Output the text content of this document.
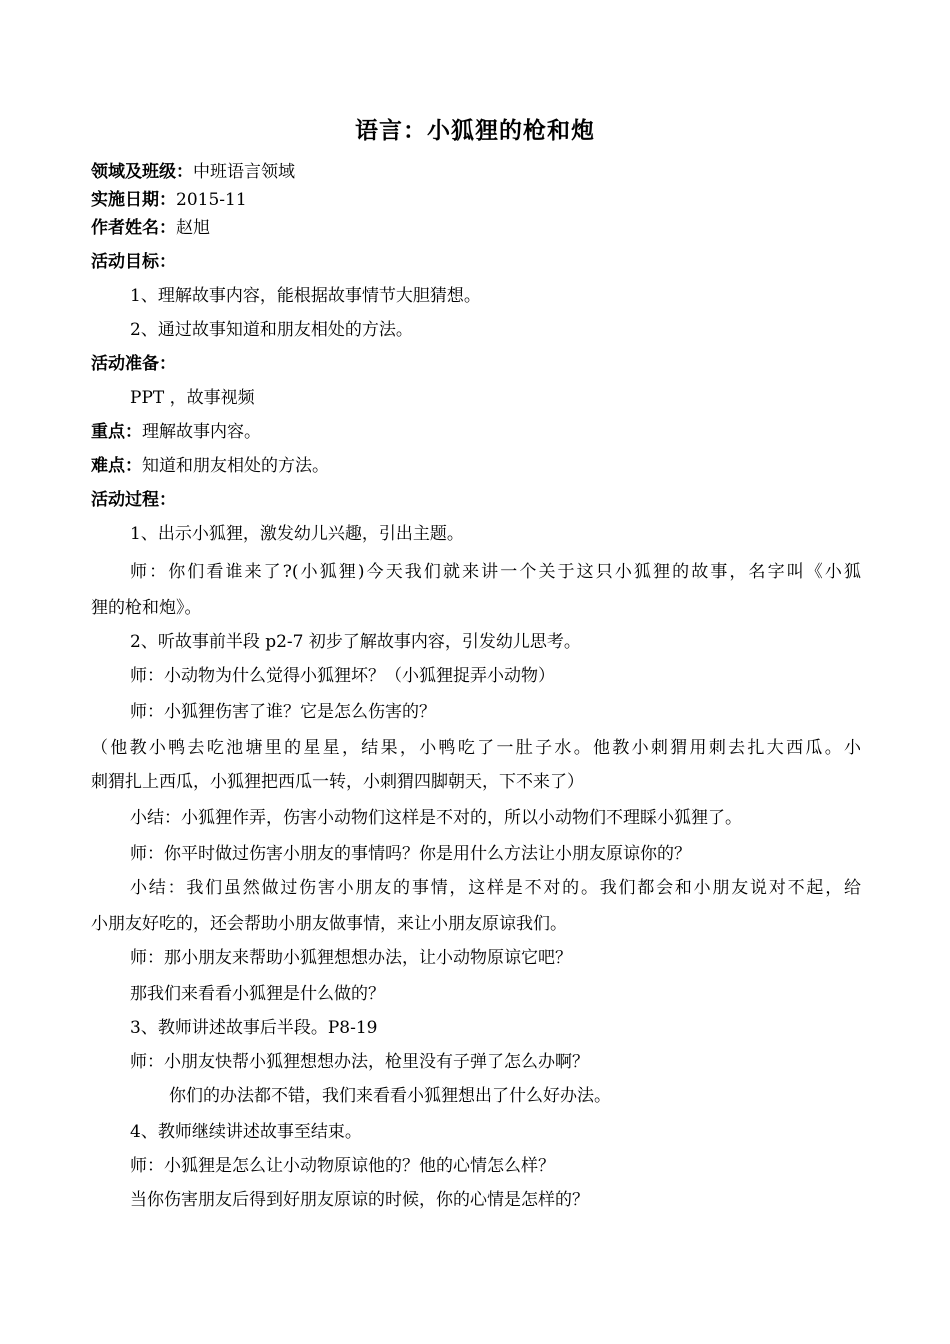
语言：小狐狸的枪和炮
领域及班级：中班语言领域
实施日期：2015-11
作者姓名：赵旭
活动目标：
1、理解故事内容，能根据故事情节大胆猜想。
2、通过故事知道和朋友相处的方法。
活动准备：
PPT ，故事视频
重点：理解故事内容。
难点：知道和朋友相处的方法。
活动过程：
1、出示小狐狸，激发幼儿兴趣，引出主题。
师：你们看谁来了?(小狐狸)今天我们就来讲一个关于这只小狐狸的故事，名字叫《小狐
狸的枪和炮》。
2、听故事前半段 p2-7 初步了解故事内容，引发幼儿思考。
师：小动物为什么觉得小狐狸坏？（小狐狸捉弄小动物）
师：小狐狸伤害了谁？它是怎么伤害的？
（他教小鸭去吃池塘里的星星，结果，小鸭吃了一肚子水。他教小刺猬用刺去扎大西瓜。小
刺猬扎上西瓜，小狐狸把西瓜一转，小刺猬四脚朝天，下不来了）
小结：小狐狸作弄，伤害小动物们这样是不对的，所以小动物们不理睬小狐狸了。
师：你平时做过伤害小朋友的事情吗？你是用什么方法让小朋友原谅你的？
小结：我们虽然做过伤害小朋友的事情，这样是不对的。我们都会和小朋友说对不起，给
小朋友好吃的，还会帮助小朋友做事情，来让小朋友原谅我们。
师：那小朋友来帮助小狐狸想想办法，让小动物原谅它吧？
那我们来看看小狐狸是什么做的？
3、教师讲述故事后半段。P8-19
师：小朋友快帮小狐狸想想办法，枪里没有子弹了怎么办啊？
你们的办法都不错，我们来看看小狐狸想出了什么好办法。
4、教师继续讲述故事至结束。
师：小狐狸是怎么让小动物原谅他的？他的心情怎么样？
当你伤害朋友后得到好朋友原谅的时候，你的心情是怎样的？
